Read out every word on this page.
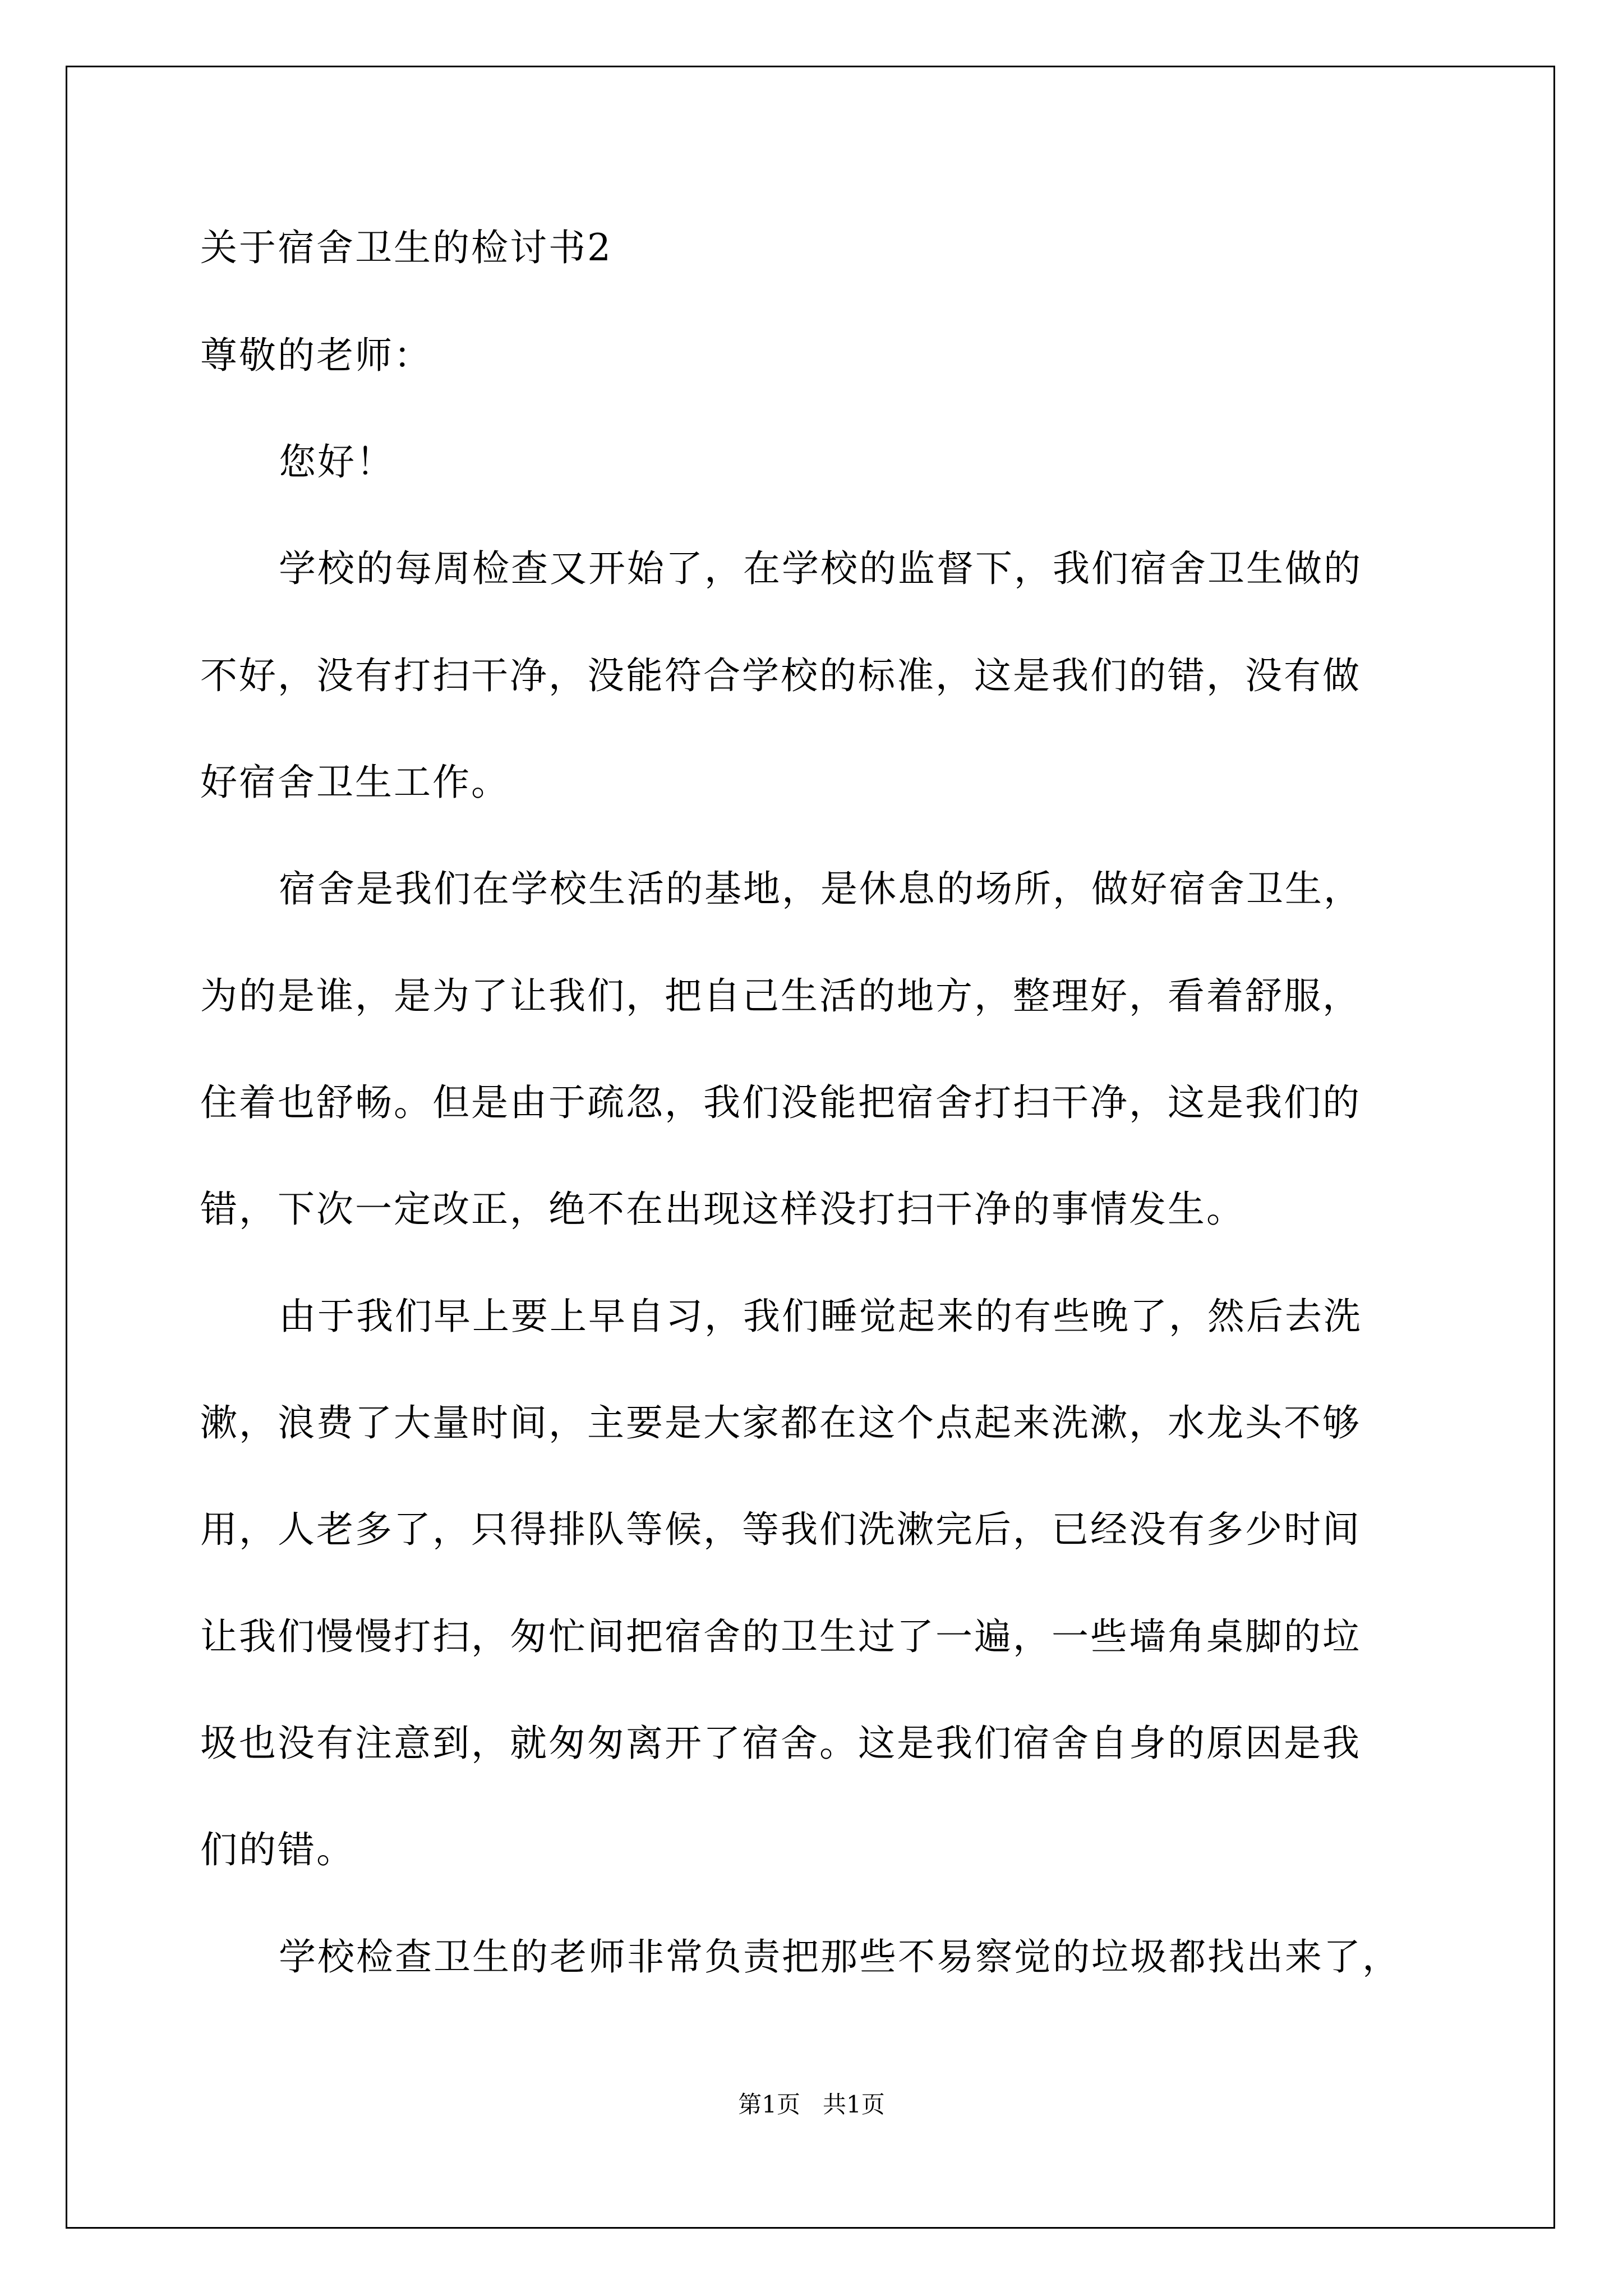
关于宿舍卫生的检讨书2

尊敬的老师：

您好！

学校的每周检查又开始了，在学校的监督下，我们宿舍卫生做的

不好，没有打扫干净，没能符合学校的标准，这是我们的错，没有做

好宿舍卫生工作。

宿舍是我们在学校生活的基地，是休息的场所，做好宿舍卫生，

为的是谁，是为了让我们，把自己生活的地方，整理好，看着舒服，

住着也舒畅。但是由于疏忽，我们没能把宿舍打扫干净，这是我们的

错，下次一定改正，绝不在出现这样没打扫干净的事情发生。

由于我们早上要上早自习，我们睡觉起来的有些晚了，然后去洗

漱，浪费了大量时间，主要是大家都在这个点起来洗漱，水龙头不够

用，人老多了，只得排队等候，等我们洗漱完后，已经没有多少时间

让我们慢慢打扫，匆忙间把宿舍的卫生过了一遍，一些墙角桌脚的垃

圾也没有注意到，就匆匆离开了宿舍。这是我们宿舍自身的原因是我

们的错。

学校检查卫生的老师非常负责把那些不易察觉的垃圾都找出来了，

第1页   共1页
